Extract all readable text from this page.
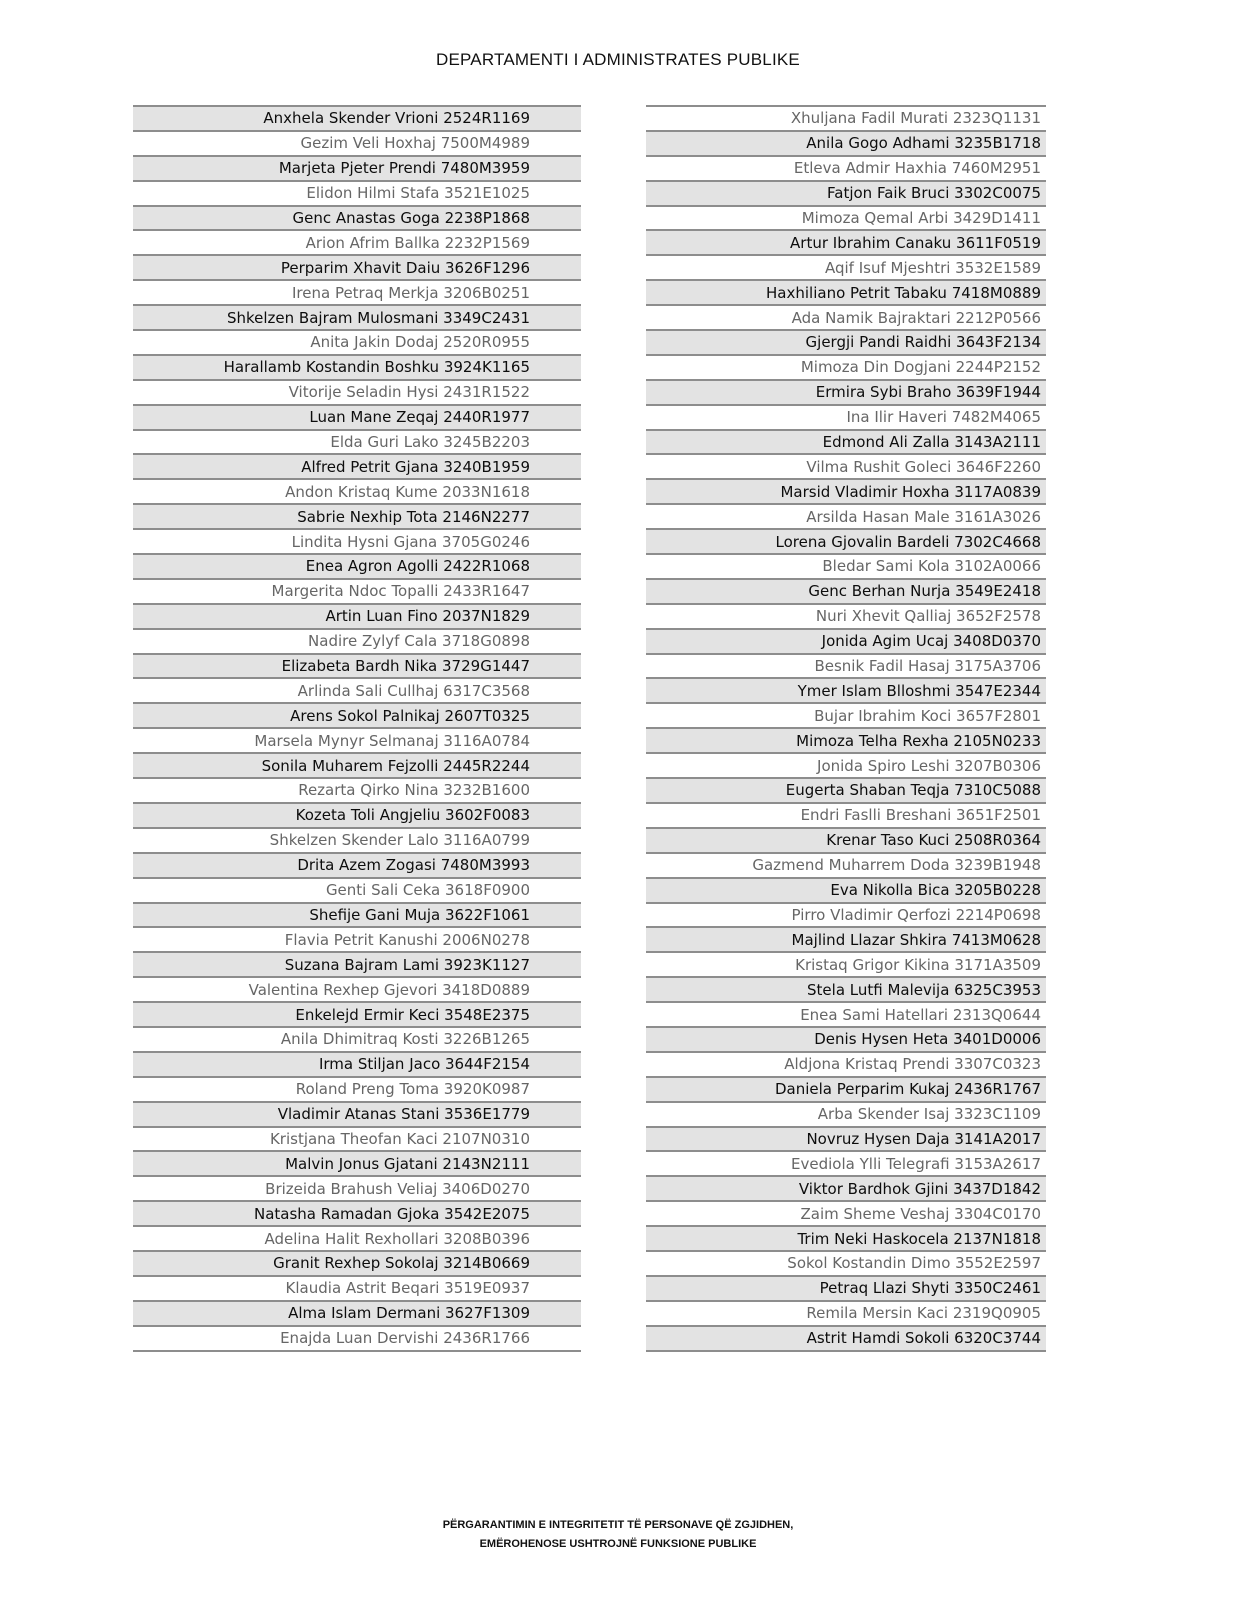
DEPARTAMENTI I ADMINISTRATES PUBLIKE
Anxhela Skender Vrioni 2524R1169
Gezim Veli Hoxhaj 7500M4989
Marjeta Pjeter Prendi 7480M3959
Elidon Hilmi Stafa 3521E1025
Genc Anastas Goga 2238P1868
Arion Afrim Ballka 2232P1569
Perparim Xhavit Daiu 3626F1296
Irena Petraq Merkja 3206B0251
Shkelzen Bajram Mulosmani 3349C2431
Anita Jakin Dodaj 2520R0955
Harallamb Kostandin Boshku 3924K1165
Vitorije Seladin Hysi 2431R1522
Luan Mane Zeqaj 2440R1977
Elda Guri Lako 3245B2203
Alfred Petrit Gjana 3240B1959
Andon Kristaq Kume 2033N1618
Sabrie Nexhip Tota 2146N2277
Lindita Hysni Gjana 3705G0246
Enea Agron Agolli 2422R1068
Margerita Ndoc Topalli 2433R1647
Artin Luan Fino 2037N1829
Nadire Zylyf Cala 3718G0898
Elizabeta Bardh Nika 3729G1447
Arlinda Sali Cullhaj 6317C3568
Arens Sokol Palnikaj 2607T0325
Marsela Mynyr Selmanaj 3116A0784
Sonila Muharem Fejzolli 2445R2244
Rezarta Qirko Nina 3232B1600
Kozeta Toli Angjeliu 3602F0083
Shkelzen Skender Lalo 3116A0799
Drita Azem Zogasi 7480M3993
Genti Sali Ceka 3618F0900
Shefije Gani Muja 3622F1061
Flavia Petrit Kanushi 2006N0278
Suzana Bajram Lami 3923K1127
Valentina Rexhep Gjevori 3418D0889
Enkelejd Ermir Keci 3548E2375
Anila Dhimitraq Kosti 3226B1265
Irma Stiljan Jaco 3644F2154
Roland Preng Toma 3920K0987
Vladimir Atanas Stani 3536E1779
Kristjana Theofan Kaci 2107N0310
Malvin Jonus Gjatani 2143N2111
Brizeida Brahush Veliaj 3406D0270
Natasha Ramadan Gjoka 3542E2075
Adelina Halit Rexhollari 3208B0396
Granit Rexhep Sokolaj 3214B0669
Klaudia Astrit Beqari 3519E0937
Alma Islam Dermani 3627F1309
Enajda Luan Dervishi 2436R1766
Xhuljana Fadil Murati 2323Q1131
Anila Gogo Adhami 3235B1718
Etleva Admir Haxhia 7460M2951
Fatjon Faik Bruci 3302C0075
Mimoza Qemal Arbi 3429D1411
Artur Ibrahim Canaku 3611F0519
Aqif Isuf Mjeshtri 3532E1589
Haxhiliano Petrit Tabaku 7418M0889
Ada Namik Bajraktari 2212P0566
Gjergji Pandi Raidhi 3643F2134
Mimoza Din Dogjani 2244P2152
Ermira Sybi Braho 3639F1944
Ina Ilir Haveri 7482M4065
Edmond Ali Zalla 3143A2111
Vilma Rushit Goleci 3646F2260
Marsid Vladimir Hoxha 3117A0839
Arsilda Hasan Male 3161A3026
Lorena Gjovalin Bardeli 7302C4668
Bledar Sami Kola 3102A0066
Genc Berhan Nurja 3549E2418
Nuri Xhevit Qalliaj 3652F2578
Jonida Agim Ucaj 3408D0370
Besnik Fadil Hasaj 3175A3706
Ymer Islam Blloshmi 3547E2344
Bujar Ibrahim Koci 3657F2801
Mimoza Telha Rexha 2105N0233
Jonida Spiro Leshi 3207B0306
Eugerta Shaban Teqja 7310C5088
Endri Faslli Breshani 3651F2501
Krenar Taso Kuci 2508R0364
Gazmend Muharrem Doda 3239B1948
Eva Nikolla Bica 3205B0228
Pirro Vladimir Qerfozi 2214P0698
Majlind Llazar Shkira 7413M0628
Kristaq Grigor Kikina 3171A3509
Stela Lutfi Malevija 6325C3953
Enea Sami Hatellari 2313Q0644
Denis Hysen Heta 3401D0006
Aldjona Kristaq Prendi 3307C0323
Daniela Perparim Kukaj 2436R1767
Arba Skender Isaj 3323C1109
Novruz Hysen Daja 3141A2017
Evediola Ylli Telegrafi 3153A2617
Viktor Bardhok Gjini 3437D1842
Zaim Sheme Veshaj 3304C0170
Trim Neki Haskocela 2137N1818
Sokol Kostandin Dimo 3552E2597
Petraq Llazi Shyti 3350C2461
Remila Mersin Kaci 2319Q0905
Astrit Hamdi Sokoli 6320C3744
PËRGARANTIMIN E INTEGRITETIT TË PERSONAVE QË ZGJIDHEN,
EMËROHENOSE USHTROJNË FUNKSIONE PUBLIKE
